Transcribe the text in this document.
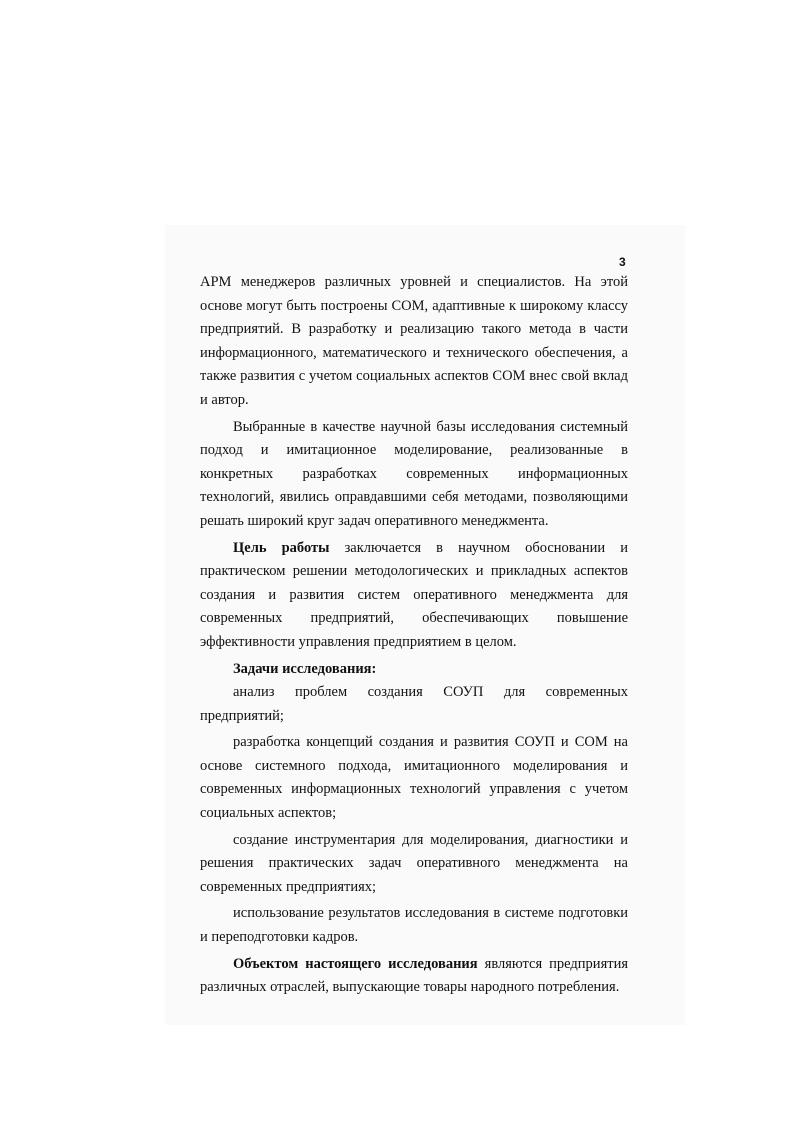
3

АРМ менеджеров различных уровней и специалистов. На этой основе могут быть построены СОМ, адаптивные к широкому классу предприятий. В разработку и реализацию такого метода в части информационного, математического и технического обеспечения, а также развития с учетом социальных аспектов СОМ внес свой вклад и автор.

Выбранные в качестве научной базы исследования системный подход и имитационное моделирование, реализованные в конкретных разработках современных информационных технологий, явились оправдавшими себя методами, позволяющими решать широкий круг задач оперативного менеджмента.

Цель работы заключается в научном обосновании и практическом решении методологических и прикладных аспектов создания и развития систем оперативного менеджмента для современных предприятий, обеспечивающих повышение эффективности управления предприятием в целом.

Задачи исследования:

анализ проблем создания СОУП для современных предприятий;

разработка концепций создания и развития СОУП и СОМ на основе системного подхода, имитационного моделирования и современных информационных технологий управления с учетом социальных аспектов;

создание инструментария для моделирования, диагностики и решения практических задач оперативного менеджмента на современных предприятиях;

использование результатов исследования в системе подготовки и переподготовки кадров.

Объектом настоящего исследования являются предприятия различных отраслей, выпускающие товары народного потребления.
